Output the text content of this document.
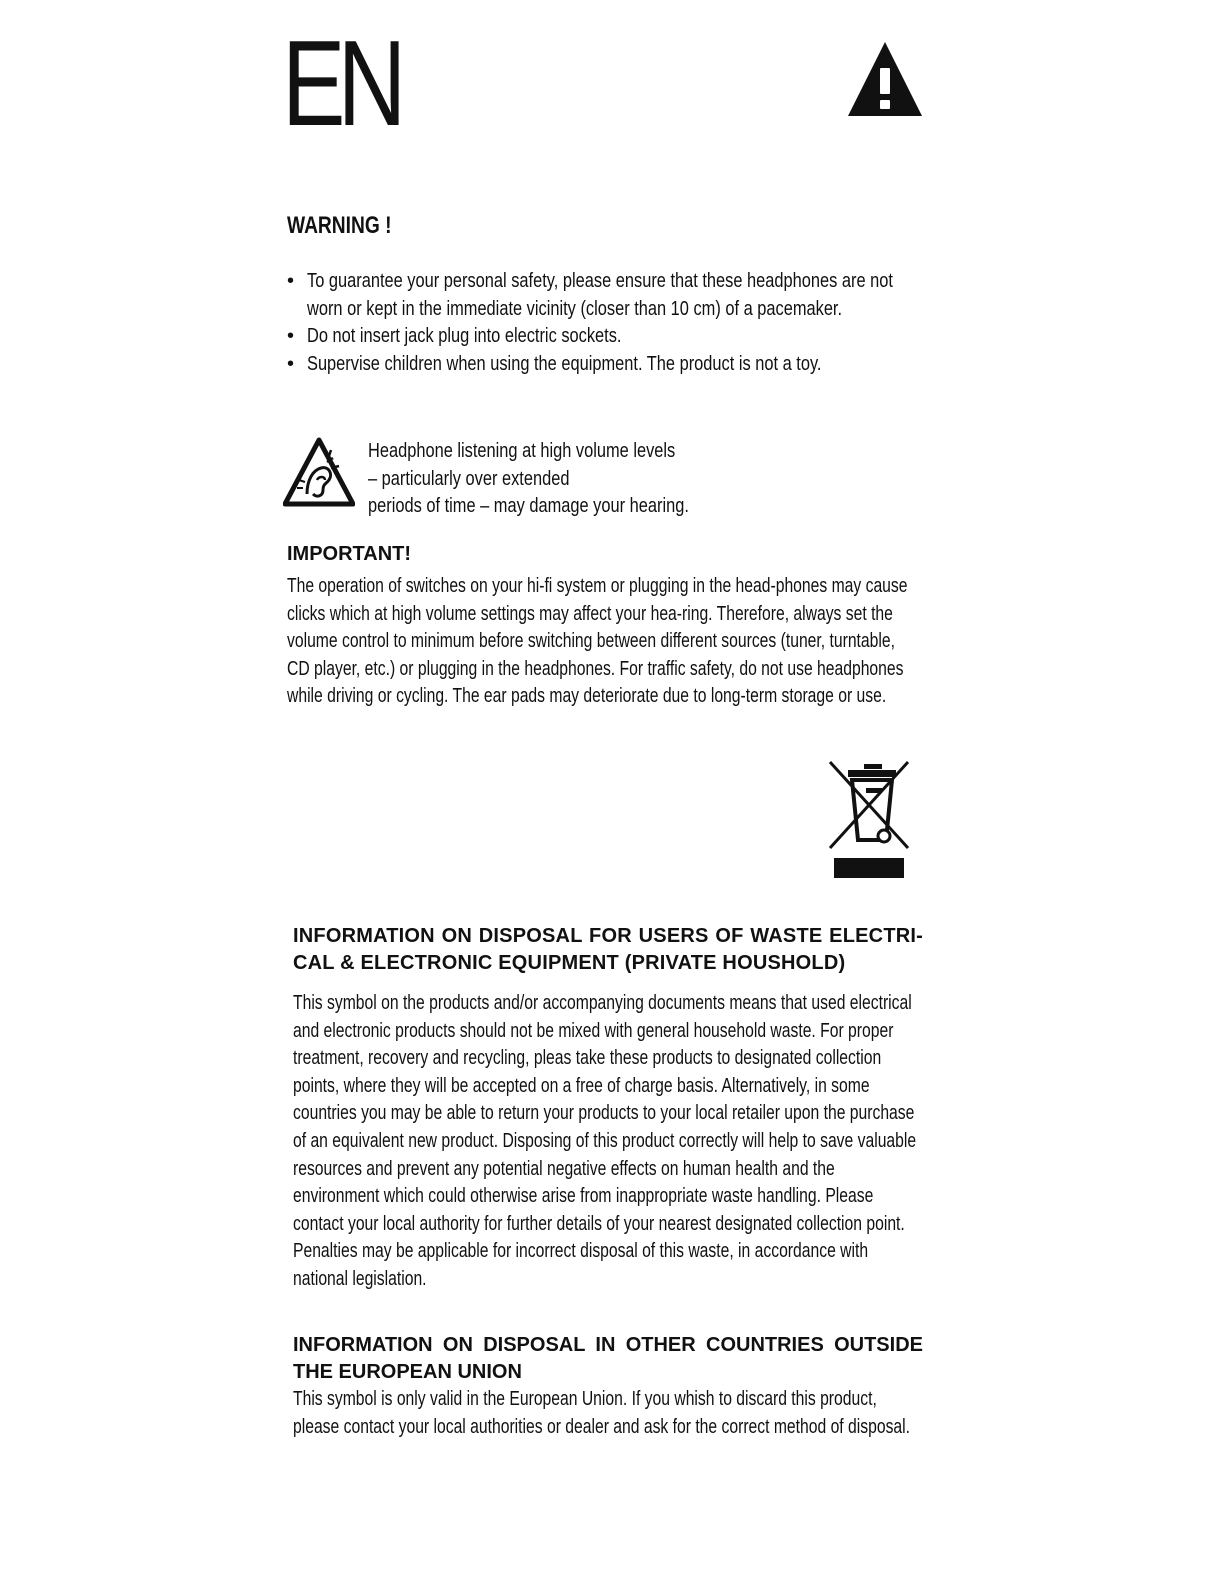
EN
WARNING !
• To guarantee your personal safety, please ensure that these headphones are not worn or kept in the immediate vicinity (closer than 10 cm) of a pacemaker.
• Do not insert jack plug into electric sockets.
• Supervise children when using the equipment. The product is not a toy.
Headphone listening at high volume levels
– particularly over extended
periods of time – may damage your hearing.
IMPORTANT!
The operation of switches on your hi-fi system or plugging in the head-phones may cause clicks which at high volume settings may affect your hea-ring. Therefore, always set the volume control to minimum before switching between different sources (tuner, turntable, CD player, etc.) or plugging in the headphones. For traffic safety, do not use headphones while driving or cycling. The ear pads may deteriorate due to long-term storage or use.
INFORMATION ON DISPOSAL FOR USERS OF WASTE ELECTRI-CAL & ELECTRONIC EQUIPMENT (PRIVATE HOUSHOLD)
This symbol on the products and/or accompanying documents means that used electrical and electronic products should not be mixed with general household waste. For proper treatment, recovery and recycling, pleas take these products to designated collection points, where they will be accepted on a free of charge basis. Alternatively, in some countries you may be able to return your products to your local retailer upon the purchase of an equivalent new product. Disposing of this product correctly will help to save valuable resources and prevent any potential negative effects on human health and the environment which could otherwise arise from inappropriate waste handling. Please contact your local authority for further details of your nearest designated collection point. Penalties may be applicable for incorrect disposal of this waste, in accordance with national legislation.
INFORMATION ON DISPOSAL IN OTHER COUNTRIES OUTSIDE THE EUROPEAN UNION
This symbol is only valid in the European Union. If you whish to discard this product, please contact your local authorities or dealer and ask for the correct method of disposal.
